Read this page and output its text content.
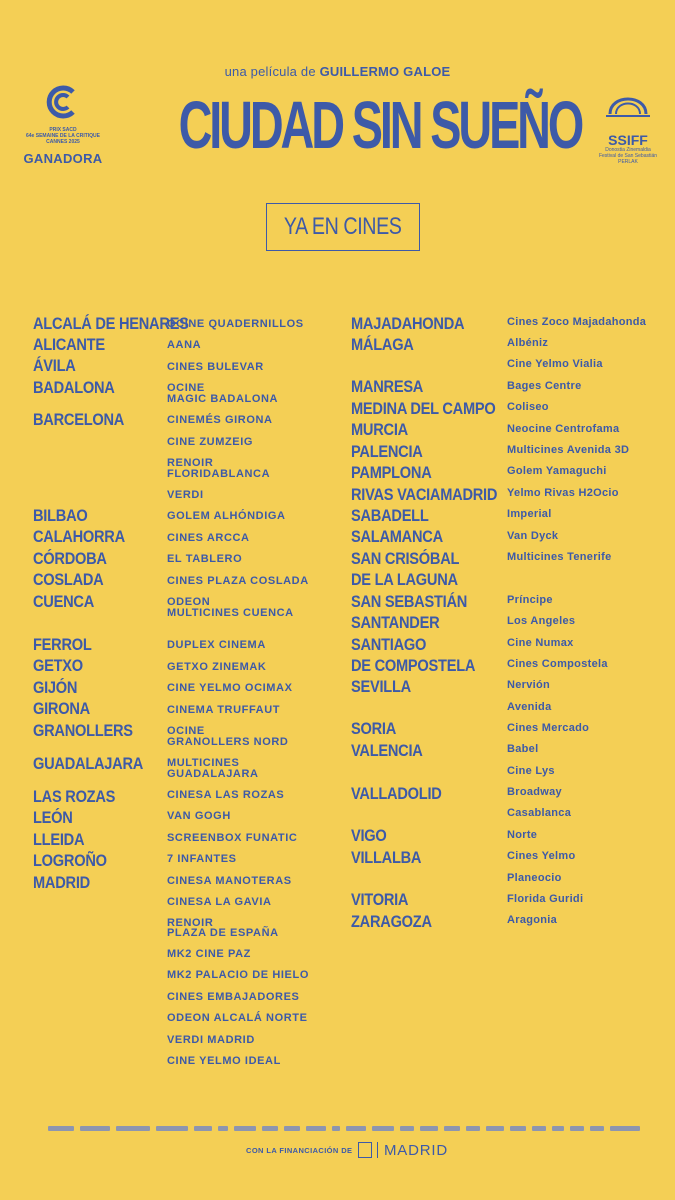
una película de GUILLERMO GALOE
CIUDAD SIN SUEÑO
PRIX SACD
64e SEMAINE DE LA CRITIQUE
CANNES 2025
GANADORA
SSIFF
Donostia Zinemaldia
Festival de San Sebastián
PERLAK
YA EN CINES
ALCALÁ DE HENARES
ALICANTE
ÁVILA
BADALONA
BARCELONA
BILBAO
CALAHORRA
CÓRDOBA
COSLADA
CUENCA
FERROL
GETXO
GIJÓN
GIRONA
GRANOLLERS
GUADALAJARA
LAS ROZAS
LEÓN
LLEIDA
LOGROÑO
MADRID
OCINE QUADERNILLOS
AANA
CINES BULEVAR
OCINE
MAGIC BADALONA
CINEMÉS GIRONA
CINE ZUMZEIG
RENOIR
FLORIDABLANCA
VERDI
GOLEM ALHÓNDIGA
CINES ARCCA
EL TABLERO
CINES PLAZA COSLADA
ODEON
MULTICINES CUENCA
DUPLEX CINEMA
GETXO ZINEMAK
CINE YELMO OCIMAX
CINEMA TRUFFAUT
OCINE
GRANOLLERS NORD
MULTICINES
GUADALAJARA
CINESA LAS ROZAS
VAN GOGH
SCREENBOX FUNATIC
7 INFANTES
CINESA MANOTERAS
CINESA LA GAVIA
RENOIR
PLAZA DE ESPAÑA
MK2 CINE PAZ
MK2 PALACIO DE HIELO
CINES EMBAJADORES
ODEON ALCALÁ NORTE
VERDI MADRID
CINE YELMO IDEAL
MAJADAHONDA
MÁLAGA
MANRESA
MEDINA DEL CAMPO
MURCIA
PALENCIA
PAMPLONA
RIVAS VACIAMADRID
SABADELL
SALAMANCA
SAN CRISÓBAL
DE LA LAGUNA
SAN SEBASTIÁN
SANTANDER
SANTIAGO
DE COMPOSTELA
SEVILLA
SORIA
VALENCIA
VALLADOLID
VIGO
VILLALBA
VITORIA
ZARAGOZA
Cines Zoco Majadahonda
Albéniz
Cine Yelmo Vialia
Bages Centre
Coliseo
Neocine Centrofama
Multicines Avenida 3D
Golem Yamaguchi
Yelmo Rivas H2Ocio
Imperial
Van Dyck
Multicines Tenerife
Príncipe
Los Angeles
Cine Numax
Cines Compostela
Nervión
Avenida
Cines Mercado
Babel
Cine Lys
Broadway
Casablanca
Norte
Cines Yelmo
Planeocio
Florida Guridi
Aragonia
CON LA FINANCIACIÓN DE MADRID
